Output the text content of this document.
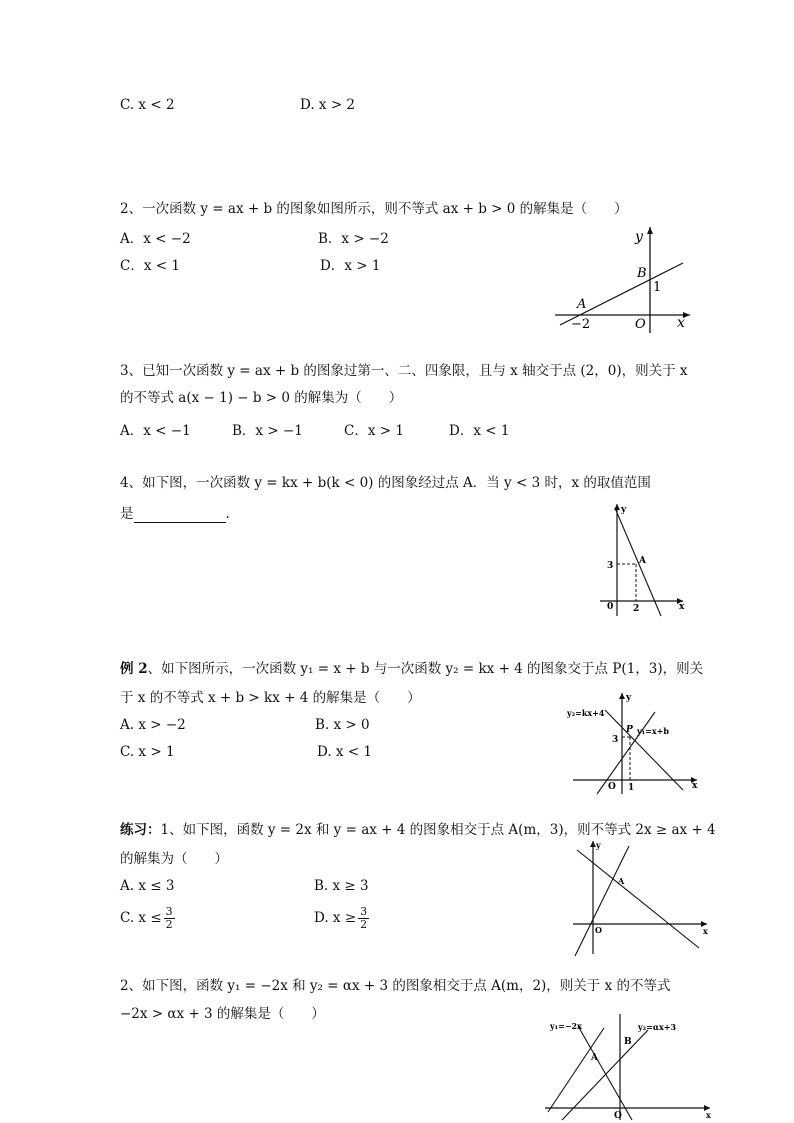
C. x < 2	D. x > 2
2、一次函数 y = ax + b 的图象如图所示，则不等式 ax + b > 0 的解集是（　　）
A．x < −2	B．x > −2
C．x < 1	D．x > 1
y
x
B
1
A
O
−2
3、已知一次函数 y = ax + b 的图象过第一、二、四象限，且与 x 轴交于点 (2，0)，则关于 x
的不等式 a(x − 1) − b > 0 的解集为（　　）
A．x < −1	B．x > −1	C．x > 1	D．x < 1
4、如下图，一次函数 y = kx + b(k < 0) 的图象经过点 A．当 y < 3 时，x 的取值范围
是	.	y
x
A
3
0 2
例 2、如下图所示，一次函数 y₁ = x + b 与一次函数 y₂ = kx + 4 的图象交于点 P(1，3)，则关
于 x 的不等式 x + b > kx + 4 的解集是（　　）
A. x > −2	B. x > 0
C. x > 1	D. x < 1
y
x
y₂=kx+4
y₁=x+b
P
3
O 1
练习：1、如下图，函数 y = 2x 和 y = ax + 4 的图象相交于点 A(m，3)，则不等式 2x ≥ ax + 4
的解集为（　　）
A. x ≤ 3	B. x ≥ 3
C. $x \le \frac{3}{2}$	D. $x \ge \frac{3}{2}$
y
x
A
O
2、如下图，函数 y₁ = −2x 和 y₂ = αx + 3 的图象相交于点 A(m，2)，则关于 x 的不等式
−2x > αx + 3 的解集是（　　）
y₁=−2x	y₂=αx+3
A
B
O	x
